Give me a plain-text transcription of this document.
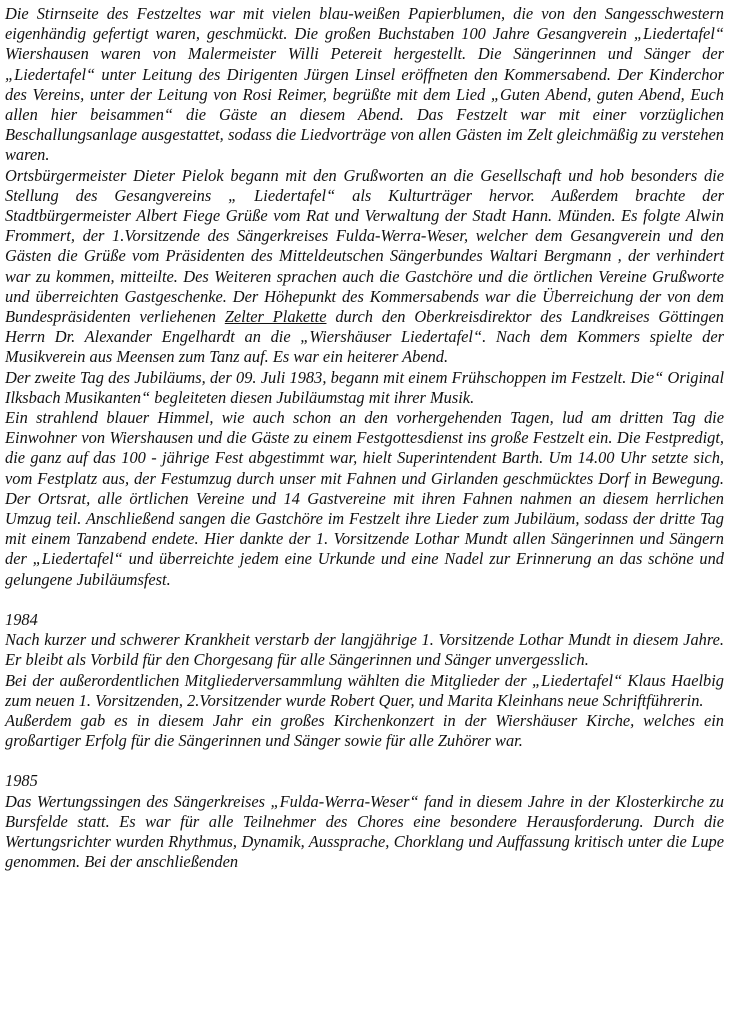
Die Stirnseite des Festzeltes war mit vielen blau-weißen Papierblumen, die von den Sangesschwestern eigenhändig gefertigt waren, geschmückt. Die großen Buchstaben 100 Jahre Gesangverein „Liedertafel“ Wiershausen waren von Malermeister Willi Petereit hergestellt. Die Sängerinnen und Sänger der „Liedertafel“ unter Leitung des Dirigenten Jürgen Linsel eröffneten den Kommersabend. Der Kinderchor des Vereins, unter der Leitung von Rosi Reimer, begrüßte mit dem Lied „Guten Abend, guten Abend, Euch allen hier beisammen“ die Gäste an diesem Abend. Das Festzelt war mit einer vorzüglichen Beschallungsanlage ausgestattet, sodass die Liedvorträge von allen Gästen im Zelt gleichmäßig zu verstehen waren.

Ortsbürgermeister Dieter Pielok begann mit den Grußworten an die Gesellschaft und hob besonders die Stellung des Gesangvereins „ Liedertafel“ als Kulturträger hervor. Außerdem brachte der Stadtbürgermeister Albert Fiege Grüße vom Rat und Verwaltung der Stadt Hann. Münden. Es folgte Alwin Frommert, der 1.Vorsitzende des Sängerkreises Fulda-Werra-Weser, welcher dem Gesangverein und den Gästen die Grüße vom Präsidenten des Mitteldeutschen Sängerbundes Waltari Bergmann , der verhindert war zu kommen, mitteilte. Des Weiteren sprachen auch die Gastchöre und die örtlichen Vereine Grußworte und überreichten Gastgeschenke. Der Höhepunkt des Kommersabends war die Überreichung der von dem Bundespräsidenten verliehenen Zelter Plakette durch den Oberkreisdirektor des Landkreises Göttingen Herrn Dr. Alexander Engelhardt an die „Wiershäuser Liedertafel“. Nach dem Kommers spielte der Musikverein aus Meensen zum Tanz auf. Es war ein heiterer Abend.

Der zweite Tag des Jubiläums, der 09. Juli 1983, begann mit einem Frühschoppen im Festzelt. Die“ Original Ilksbach Musikanten“ begleiteten diesen Jubiläumstag mit ihrer Musik.

Ein strahlend blauer Himmel, wie auch schon an den vorhergehenden Tagen, lud am dritten Tag die Einwohner von Wiershausen und die Gäste zu einem Festgottesdienst ins große Festzelt ein. Die Festpredigt, die ganz auf das 100 - jährige Fest abgestimmt war, hielt Superintendent Barth. Um 14.00 Uhr setzte sich, vom Festplatz aus, der Festumzug durch unser mit Fahnen und Girlanden geschmücktes Dorf in Bewegung. Der Ortsrat, alle örtlichen Vereine und 14 Gastvereine mit ihren Fahnen nahmen an diesem herrlichen Umzug teil. Anschließend sangen die Gastchöre im Festzelt ihre Lieder zum Jubiläum, sodass der dritte Tag mit einem Tanzabend endete. Hier dankte der 1. Vorsitzende Lothar Mundt allen Sängerinnen und Sängern der „Liedertafel“ und überreichte jedem eine Urkunde und eine Nadel zur Erinnerung an das schöne und gelungene Jubiläumsfest.

1984

Nach kurzer und schwerer Krankheit verstarb der langjährige 1. Vorsitzende Lothar Mundt in diesem Jahre. Er bleibt als Vorbild für den Chorgesang für alle Sängerinnen und Sänger unvergesslich.

Bei der außerordentlichen Mitgliederversammlung wählten die Mitglieder der „Liedertafel“ Klaus Haelbig zum neuen 1. Vorsitzenden, 2.Vorsitzender wurde Robert Quer, und Marita Kleinhans neue Schriftführerin.

Außerdem gab es in diesem Jahr ein großes Kirchenkonzert in der Wiershäuser Kirche, welches ein großartiger Erfolg für die Sängerinnen und Sänger sowie für alle Zuhörer war.

1985

Das Wertungssingen des Sängerkreises „Fulda-Werra-Weser“ fand in diesem Jahre in der Klosterkirche zu Bursfelde statt. Es war für alle Teilnehmer des Chores eine besondere Herausforderung. Durch die Wertungsrichter wurden Rhythmus, Dynamik, Aussprache, Chorklang und Auffassung kritisch unter die Lupe genommen. Bei der anschließenden
